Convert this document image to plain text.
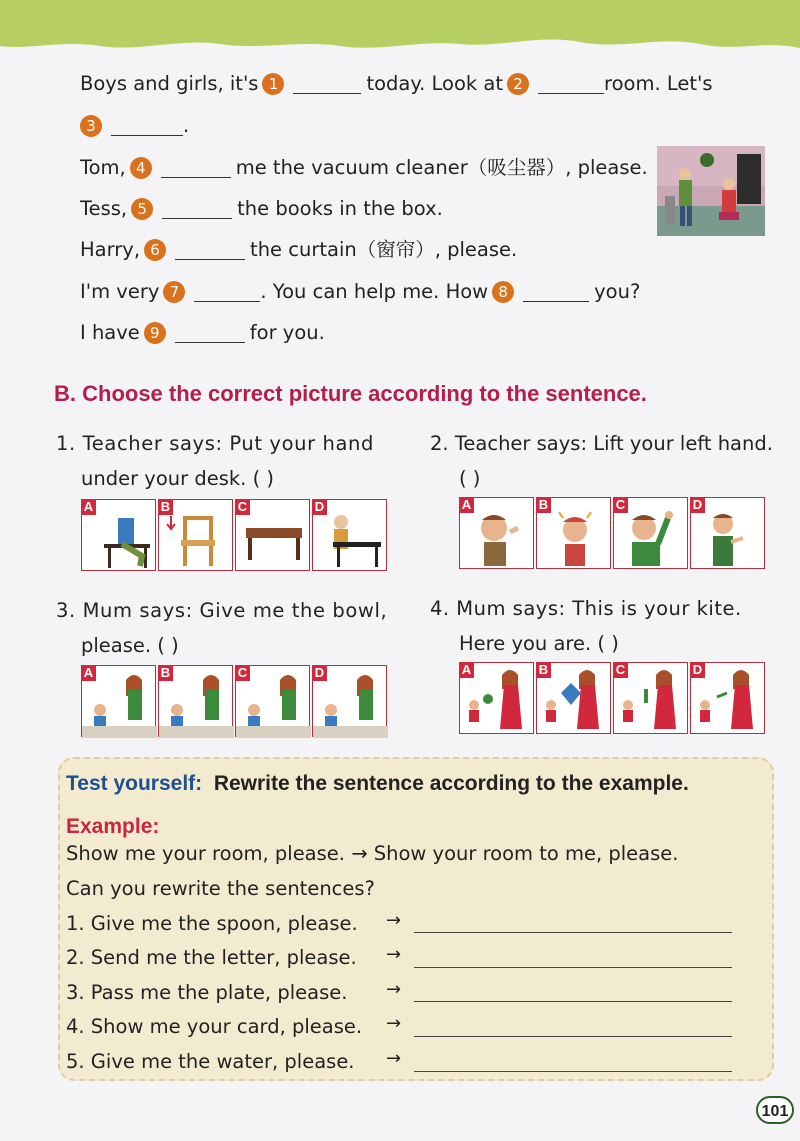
Boys and girls, it's 1	today. Look at 2	room. Let's
3	.
Tom, 4	me the vacuum cleaner（吸尘器）, please.
Tess, 5	the books in the box.
Harry, 6	the curtain（窗帘）, please.
I'm very 7	. You can help me. How 8	you?
I have 9	for you.
B. Choose the correct picture according to the sentence.
1. Teacher says: Put your hand
under your desk. ( )
2. Teacher says: Lift your left hand.
( )
A	B	C	D	A	B	C	D
3. Mum says: Give me the bowl,
please. ( )
4. Mum says: This is your kite.
Here you are. ( )
A	B	C	D	A	B	C	D
Test yourself: Rewrite the sentence according to the example.
Example:
Show me your room, please. → Show your room to me, please.
Can you rewrite the sentences?
1. Give me the spoon, please. →
2. Send me the letter, please. →
3. Pass me the plate, please. →
4. Show me your card, please. →
5. Give me the water, please. →
101
